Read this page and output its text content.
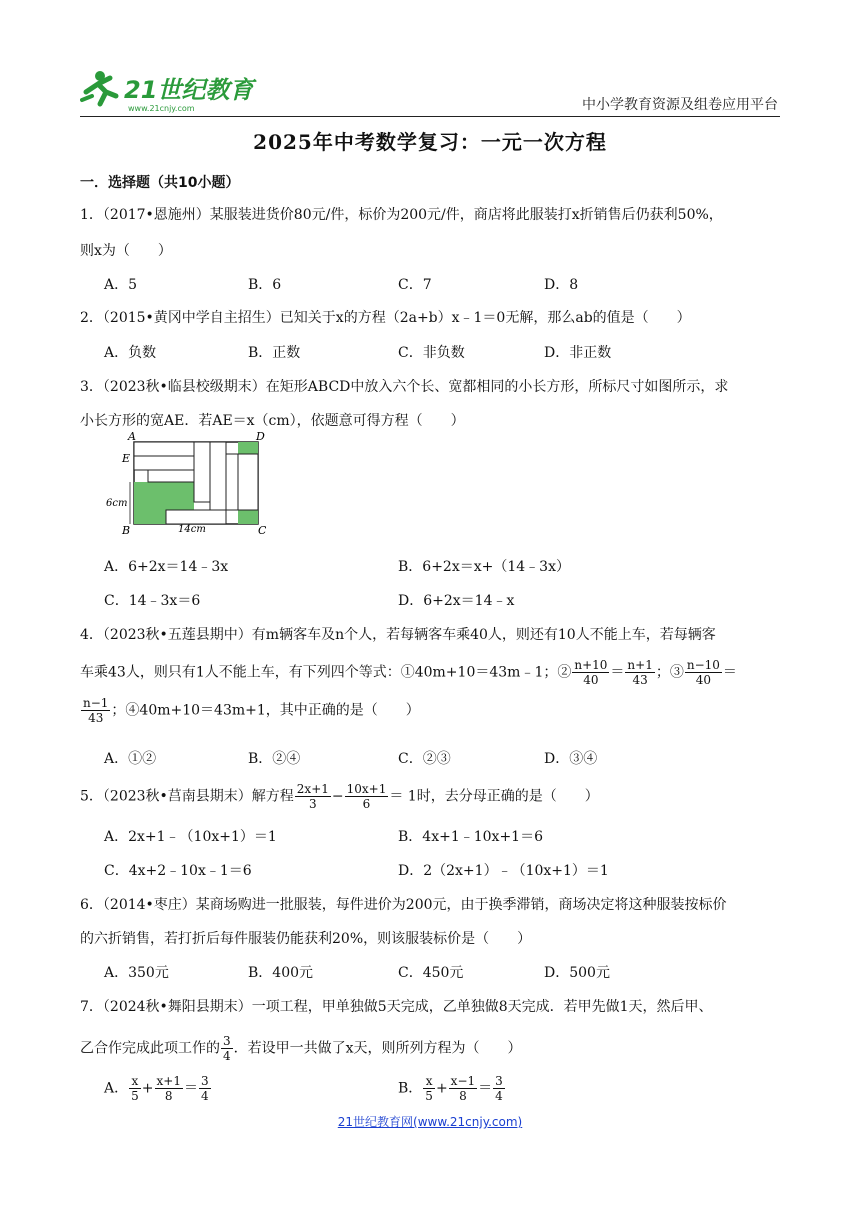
21世纪教育
www.21cnjy.com	中小学教育资源及组卷应用平台
2025年中考数学复习：一元一次方程
一．选择题（共10小题）
1．（2017•恩施州）某服装进货价80元/件，标价为200元/件，商店将此服装打x折销售后仍获利50%，
则x为（　　）
A．5	B．6	C．7	D．8
2．（2015•黄冈中学自主招生）已知关于x的方程（2a+b）x﹣1＝0无解，那么ab的值是（　　）
A．负数	B．正数	C．非负数	D．非正数
3．（2023秋•临县校级期末）在矩形ABCD中放入六个长、宽都相同的小长方形，所标尺寸如图所示，求
小长方形的宽AE．若AE＝x（cm），依题意可得方程（　　）
A	D
E
B	C
6cm
14cm
A．6+2x＝14﹣3x	B．6+2x＝x+（14﹣3x）
C．14﹣3x＝6	D．6+2x＝14﹣x
4．（2023秋•五莲县期中）有m辆客车及n个人，若每辆客车乘40人，则还有10人不能上车，若每辆客
车乘43人，则只有1人不能上车，有下列四个等式：①40m+10＝43m﹣1；② $\frac{n+10}{40} = \frac{n+1}{43}$ ；③ $\frac{n-10}{40}$ ＝
$\frac{n-1}{43}$ ；④40m+10＝43m+1，其中正确的是（　　）
A．①②	B．②④	C．②③	D．③④
5．（2023秋•莒南县期末）解方程 $\frac{2x+1}{3} - \frac{10x+1}{6} = 1$时，去分母正确的是（　　）
A．2x+1﹣（10x+1）＝1	B．4x+1﹣10x+1＝6
C．4x+2﹣10x﹣1＝6	D．2（2x+1）﹣（10x+1）＝1
6．（2014•枣庄）某商场购进一批服装，每件进价为200元，由于换季滞销，商场决定将这种服装按标价
的六折销售，若打折后每件服装仍能获利20%，则该服装标价是（　　）
A．350元	B．400元	C．450元	D．500元
7．（2024秋•舞阳县期末）一项工程，甲单独做5天完成，乙单独做8天完成．若甲先做1天，然后甲、
乙合作完成此项工作的 $\frac{3}{4}$ ．若设甲一共做了x天，则所列方程为（　　）
A． $\frac{x}{5} + \frac{x+1}{8} = \frac{3}{4}$	B． $\frac{x}{5} + \frac{x-1}{8} = \frac{3}{4}$
21世纪教育网(www.21cnjy.com)
